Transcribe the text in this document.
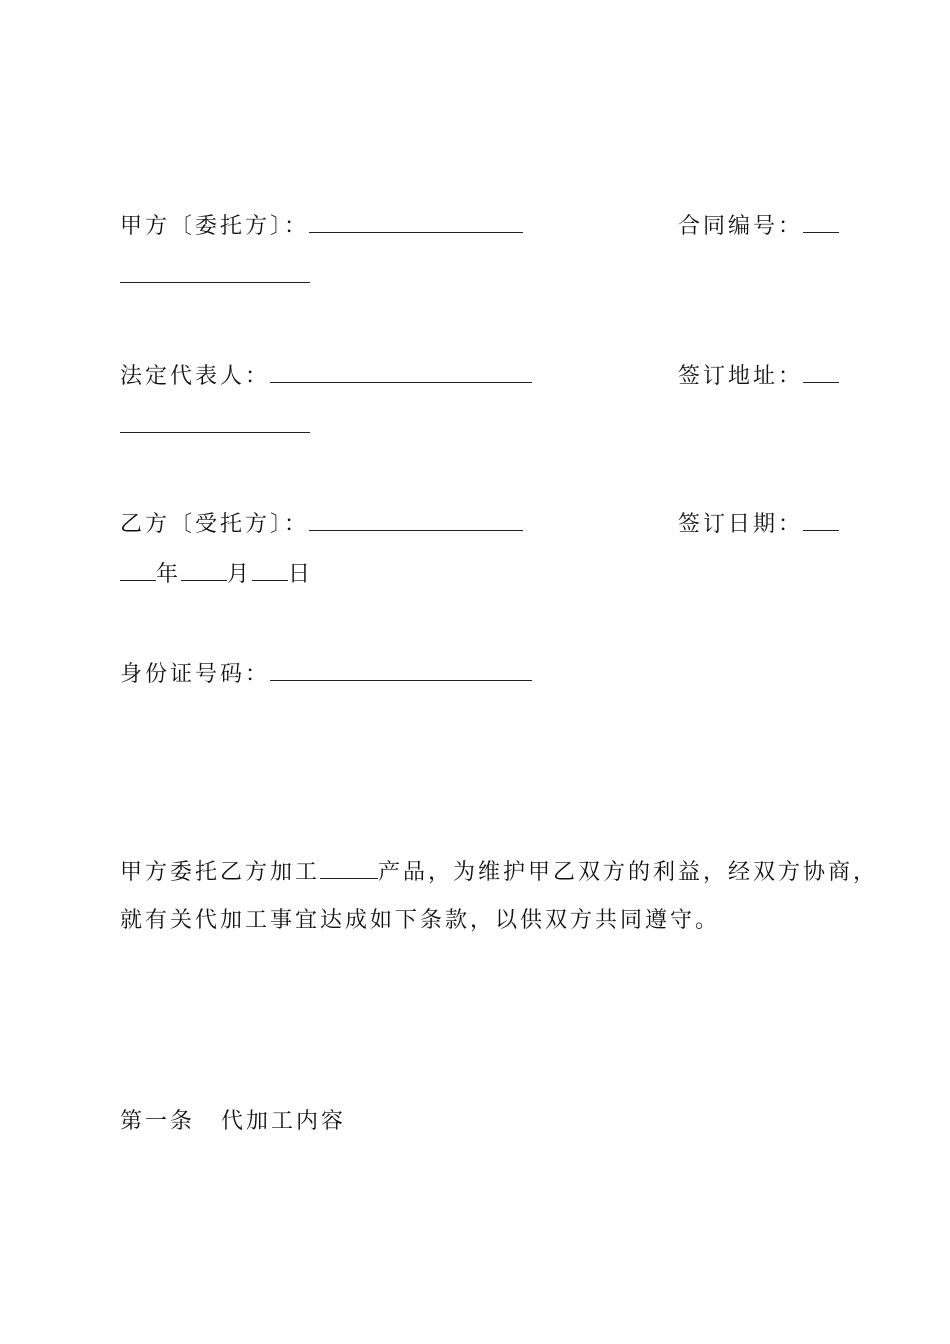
甲方〔委托方〕：	合同编号：
法定代表人：	签订地址：
乙方〔受托方〕：	签订日期：
年 月 日
身份证号码：
甲方委托乙方加工	产品，为维护甲乙双方的利益，经双方协商，
就有关代加工事宜达成如下条款，以供双方共同遵守。
第一条 代加工内容
